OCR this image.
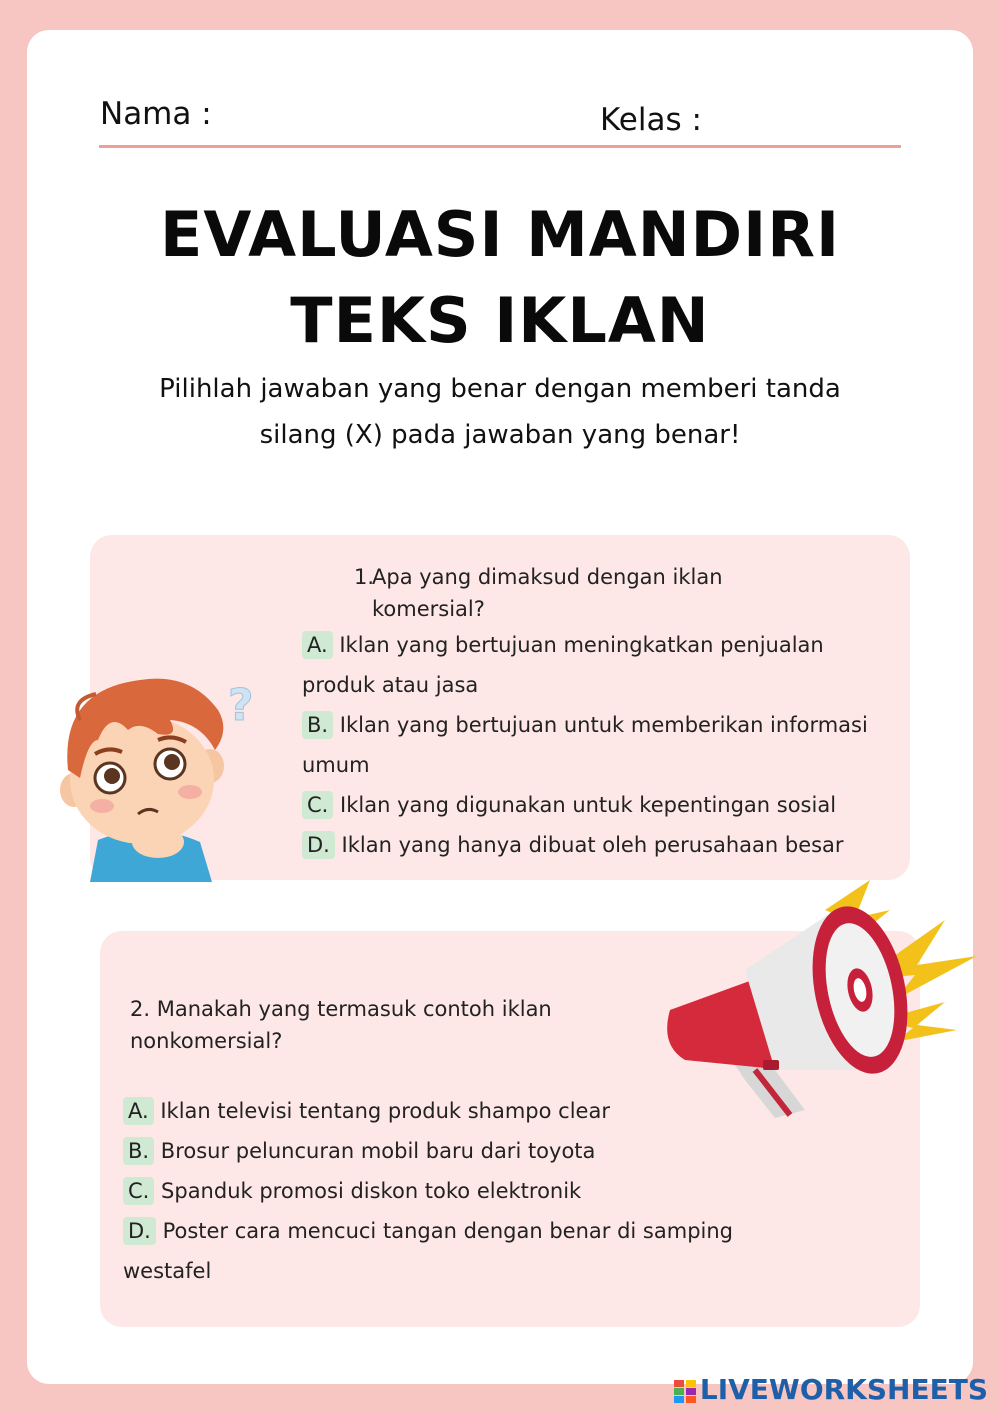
Nama :	Kelas :
EVALUASI MANDIRI
TEKS IKLAN
Pilihlah jawaban yang benar dengan memberi tanda
silang (X) pada jawaban yang benar!
1.Apa yang dimaksud dengan iklan
komersial?
A. Iklan yang bertujuan meningkatkan penjualan produk atau jasa
B. Iklan yang bertujuan untuk memberikan informasi umum
C. Iklan yang digunakan untuk kepentingan sosial
D. Iklan yang hanya dibuat oleh perusahaan besar
2. Manakah yang termasuk contoh iklan
nonkomersial?
A. Iklan televisi tentang produk shampo clear
B. Brosur peluncuran mobil baru dari toyota
C. Spanduk promosi diskon toko elektronik
D. Poster cara mencuci tangan dengan benar di samping westafel
?
LIVEWORKSHEETS
